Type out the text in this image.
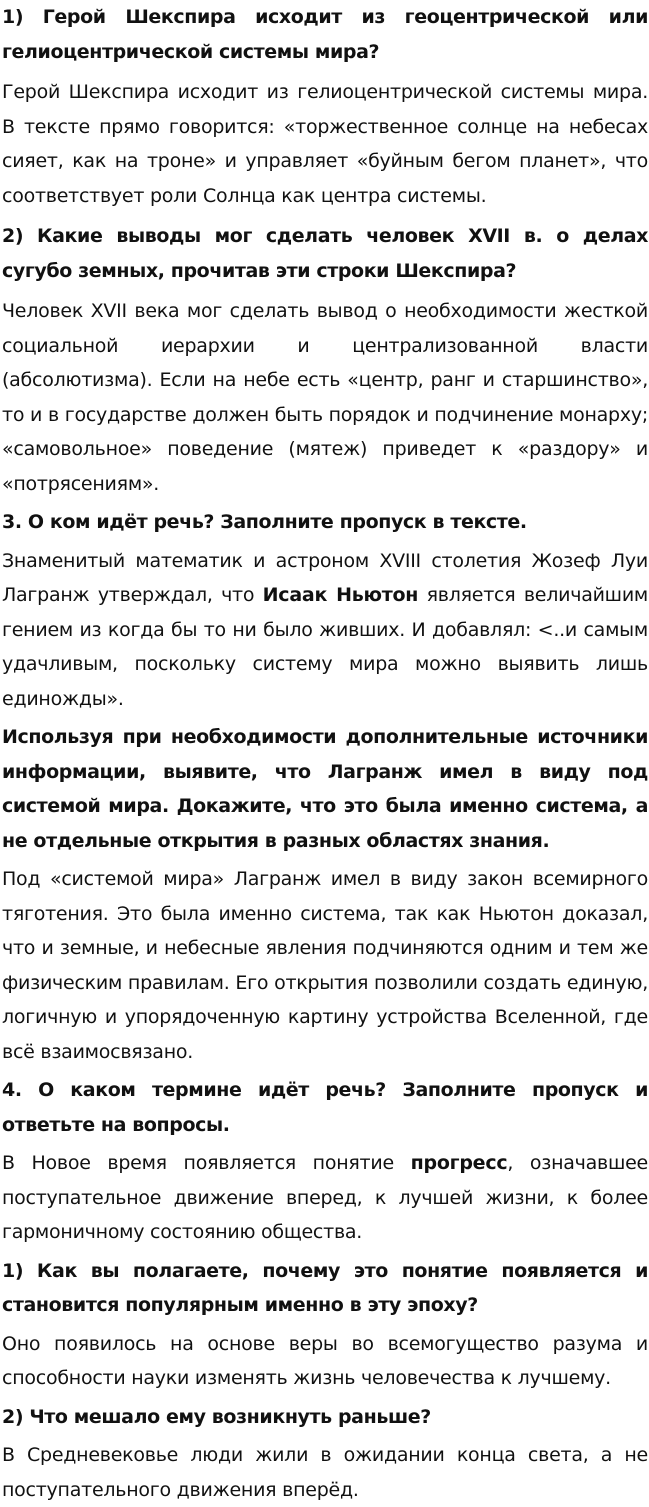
1) Герой Шекспира исходит из геоцентрической или гелиоцентрической системы мира?

Герой Шекспира исходит из гелиоцентрической системы мира. В тексте прямо говорится: «торжественное солнце на небесах сияет, как на троне» и управляет «буйным бегом планет», что соответствует роли Солнца как центра системы.

2) Какие выводы мог сделать человек XVII в. о делах сугубо земных, прочитав эти строки Шекспира?

Человек XVII века мог сделать вывод о необходимости жесткой социальной иерархии и централизованной власти (абсолютизма). Если на небе есть «центр, ранг и старшинство», то и в государстве должен быть порядок и подчинение монарху; «самовольное» поведение (мятеж) приведет к «раздору» и «потрясениям».

3. О ком идёт речь? Заполните пропуск в тексте.

Знаменитый математик и астроном XVIII столетия Жозеф Луи Лагранж утверждал, что Исаак Ньютон является величайшим гением из когда бы то ни было живших. И добавлял: <..и самым удачливым, поскольку систему мира можно выявить лишь единожды».

Используя при необходимости дополнительные источники информации, выявите, что Лагранж имел в виду под системой мира. Докажите, что это была именно система, а не отдельные открытия в разных областях знания.

Под «системой мира» Лагранж имел в виду закон всемирного тяготения. Это была именно система, так как Ньютон доказал, что и земные, и небесные явления подчиняются одним и тем же физическим правилам. Его открытия позволили создать единую, логичную и упорядоченную картину устройства Вселенной, где всё взаимосвязано.

4. О каком термине идёт речь? Заполните пропуск и ответьте на вопросы.

В Новое время появляется понятие прогресс, означавшее поступательное движение вперед, к лучшей жизни, к более гармоничному состоянию общества.

1) Как вы полагаете, почему это понятие появляется и становится популярным именно в эту эпоху?

Оно появилось на основе веры во всемогущество разума и способности науки изменять жизнь человечества к лучшему.

2) Что мешало ему возникнуть раньше?

В Средневековье люди жили в ожидании конца света, а не поступательного движения вперёд.
